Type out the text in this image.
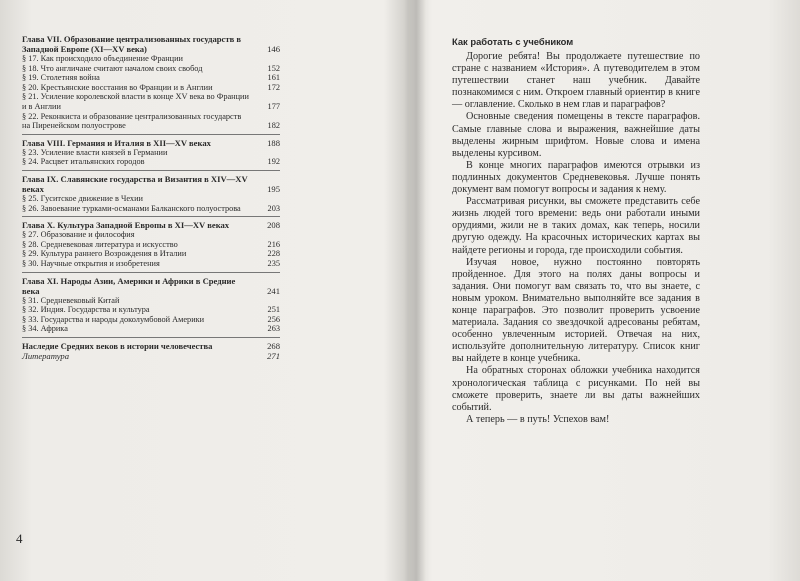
Глава VII. Образование централизованных государств в Западной Европе (XI—XV века)	146
§ 17. Как происходило объединение Франции
§ 18. Что англичане считают началом своих свобод	152
§ 19. Столетняя война	161
§ 20. Крестьянские восстания во Франции и в Англии	172
§ 21. Усиление королевской власти в конце XV века во Франции и в Англии	177
§ 22. Реконкиста и образование централизованных государств на Пиренейском полуострове	182
Глава VIII. Германия и Италия в XII—XV веках	188
§ 23. Усиление власти князей в Германии
§ 24. Расцвет итальянских городов	192
Глава IX. Славянские государства и Византия в XIV—XV веках	195
§ 25. Гуситское движение в Чехии
§ 26. Завоевание турками-османами Балканского полуострова	203
Глава X. Культура Западной Европы в XI—XV веках	208
§ 27. Образование и философия
§ 28. Средневековая литература и искусство	216
§ 29. Культура раннего Возрождения в Италии	228
§ 30. Научные открытия и изобретения	235
Глава XI. Народы Азии, Америки и Африки в Средние века	241
§ 31. Средневековый Китай
§ 32. Индия. Государства и культура	251
§ 33. Государства и народы доколумбовой Америки	256
§ 34. Африка	263
Наследие Средних веков в истории человечества	268
Литература	271
4
Как работать с учебником

Дорогие ребята! Вы продолжаете путешествие по стране с названием «История». А путеводителем в этом путешествии станет наш учебник. Давайте познакомимся с ним. Откроем главный ориентир в книге — оглавление. Сколько в нем глав и параграфов?

Основные сведения помещены в тексте параграфов. Самые главные слова и выражения, важнейшие даты выделены жирным шрифтом. Новые слова и имена выделены курсивом.

В конце многих параграфов имеются отрывки из подлинных документов Средневековья. Лучше понять документ вам помогут вопросы и задания к нему.

Рассматривая рисунки, вы сможете представить себе жизнь людей того времени: ведь они работали иными орудиями, жили не в таких домах, как теперь, носили другую одежду. На красочных исторических картах вы найдете регионы и города, где происходили события.

Изучая новое, нужно постоянно повторять пройденное. Для этого на полях даны вопросы и задания. Они помогут вам связать то, что вы знаете, с новым уроком. Внимательно выполняйте все задания в конце параграфов. Это позволит проверить усвоение материала. Задания со звездочкой адресованы ребятам, особенно увлеченным историей. Отвечая на них, используйте дополнительную литературу. Список книг вы найдете в конце учебника.

На обратных сторонах обложки учебника находится хронологическая таблица с рисунками. По ней вы сможете проверить, знаете ли вы даты важнейших событий.

А теперь — в путь! Успехов вам!
